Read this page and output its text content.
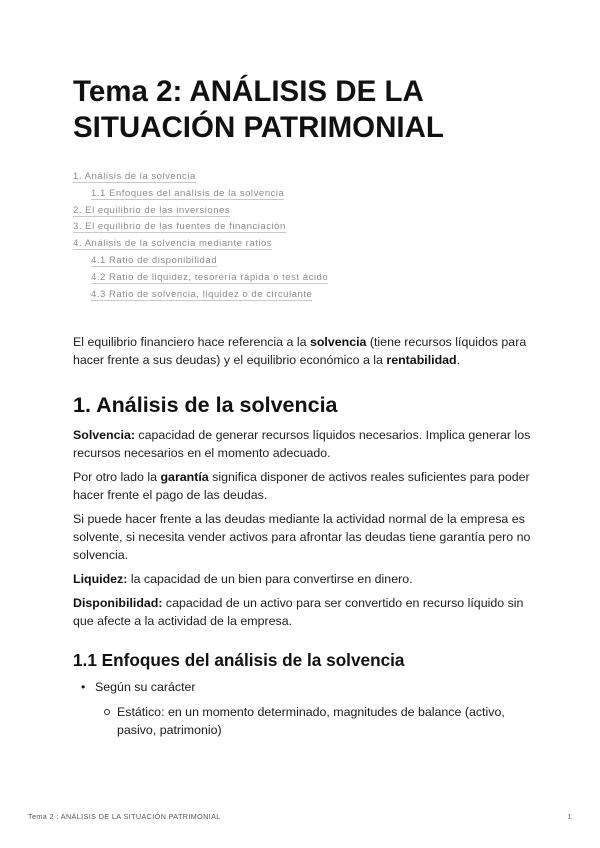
Tema 2: ANÁLISIS DE LA SITUACIÓN PATRIMONIAL
1. Análisis de la solvencia
1.1 Enfoques del análisis de la solvencia
2. El equilibrio de las inversiones
3. El equilibrio de las fuentes de financiación
4. Análisis de la solvencia mediante ratios
4.1 Ratio de disponibilidad
4.2 Ratio de liquidez, tesorería rápida o test ácido
4.3 Ratio de solvencia, liquidez o de circulante

El equilibrio financiero hace referencia a la solvencia (tiene recursos líquidos para hacer frente a sus deudas) y el equilibrio económico a la rentabilidad.

1. Análisis de la solvencia

Solvencia: capacidad de generar recursos líquidos necesarios. Implica generar los recursos necesarios en el momento adecuado.

Por otro lado la garantía significa disponer de activos reales suficientes para poder hacer frente el pago de las deudas.

Si puede hacer frente a las deudas mediante la actividad normal de la empresa es solvente, si necesita vender activos para afrontar las deudas tiene garantía pero no solvencia.

Liquidez: la capacidad de un bien para convertirse en dinero.

Disponibilidad: capacidad de un activo para ser convertido en recurso líquido sin que afecte a la actividad de la empresa.

1.1 Enfoques del análisis de la solvencia
• Según su carácter
Estático: en un momento determinado, magnitudes de balance (activo, pasivo, patrimonio)
Tema 2 : ANÁLISIS DE LA SITUACIÓN PATRIMONIAL	1
